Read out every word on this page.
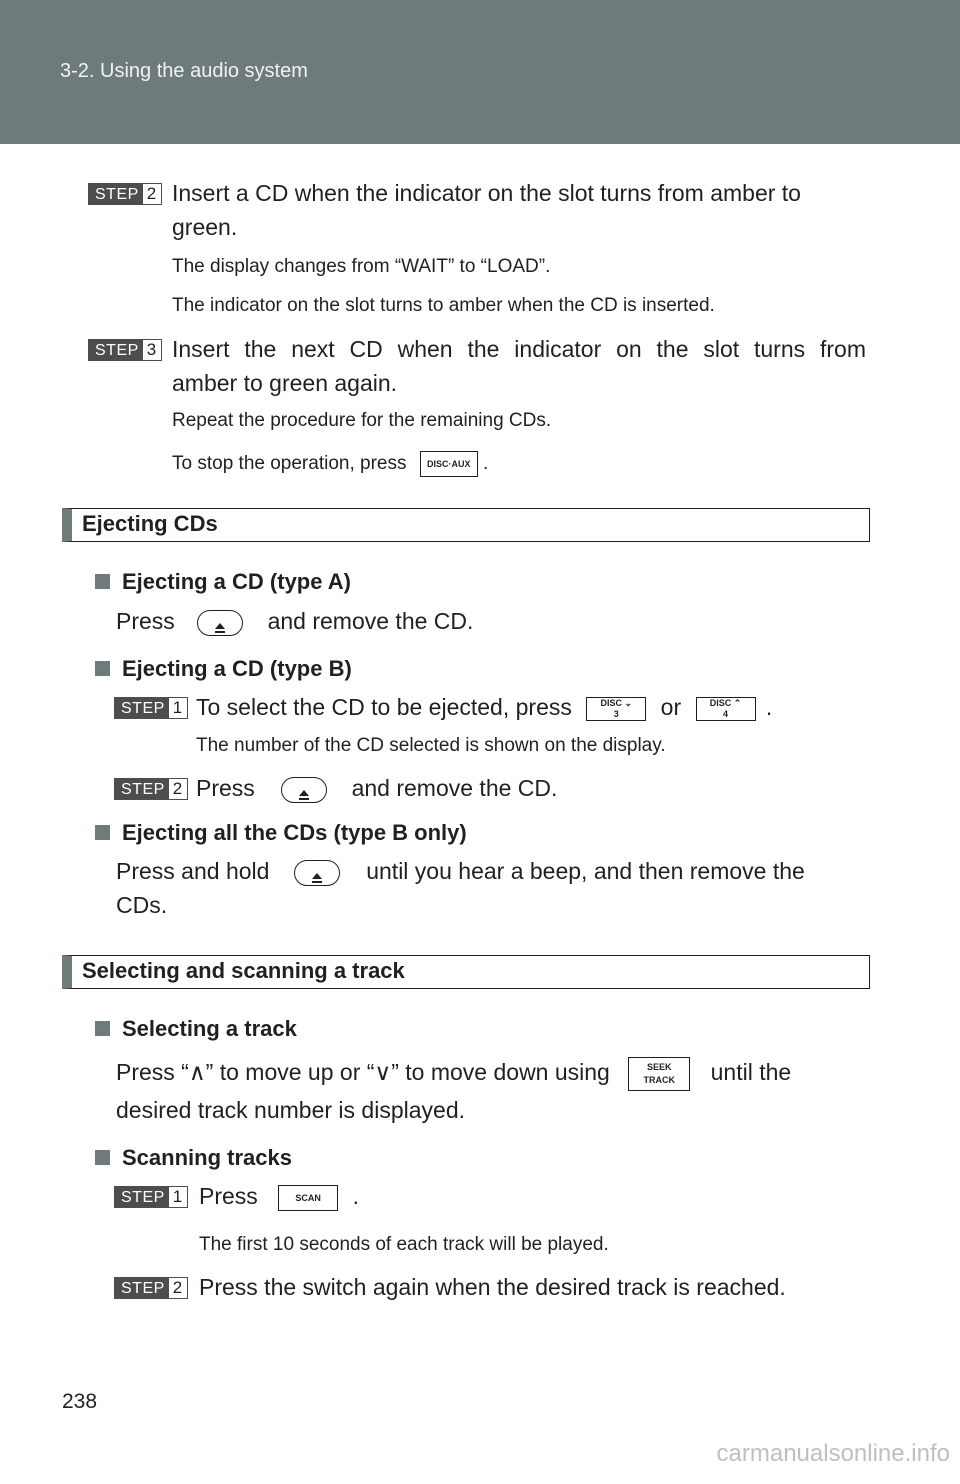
3-2. Using the audio system
STEP 2 Insert a CD when the indicator on the slot turns from amber to
green.
The display changes from “WAIT” to “LOAD”.
The indicator on the slot turns to amber when the CD is inserted.
STEP 3 Insert the next CD when the indicator on the slot turns from
amber to green again.
Repeat the procedure for the remaining CDs.
To stop the operation, press DISC·AUX .
Ejecting CDs
Ejecting a CD (type A)
Press	and remove the CD.
Ejecting a CD (type B)
STEP 1 To select the CD to be ejected, press	DISC ⌄
3 or	DISC ⌃
4 .
The number of the CD selected is shown on the display.
STEP 2 Press	and remove the CD.
Ejecting all the CDs (type B only)
Press and hold	until you hear a beep, and then remove the
CDs.
Selecting and scanning a track
Selecting a track
Press “∧” to move up or “∨” to move down using	SEEK
TRACK until the
desired track number is displayed.
Scanning tracks
STEP 1 Press	SCAN .
The first 10 seconds of each track will be played.
STEP 2 Press the switch again when the desired track is reached.
238
carmanualsonline.info
